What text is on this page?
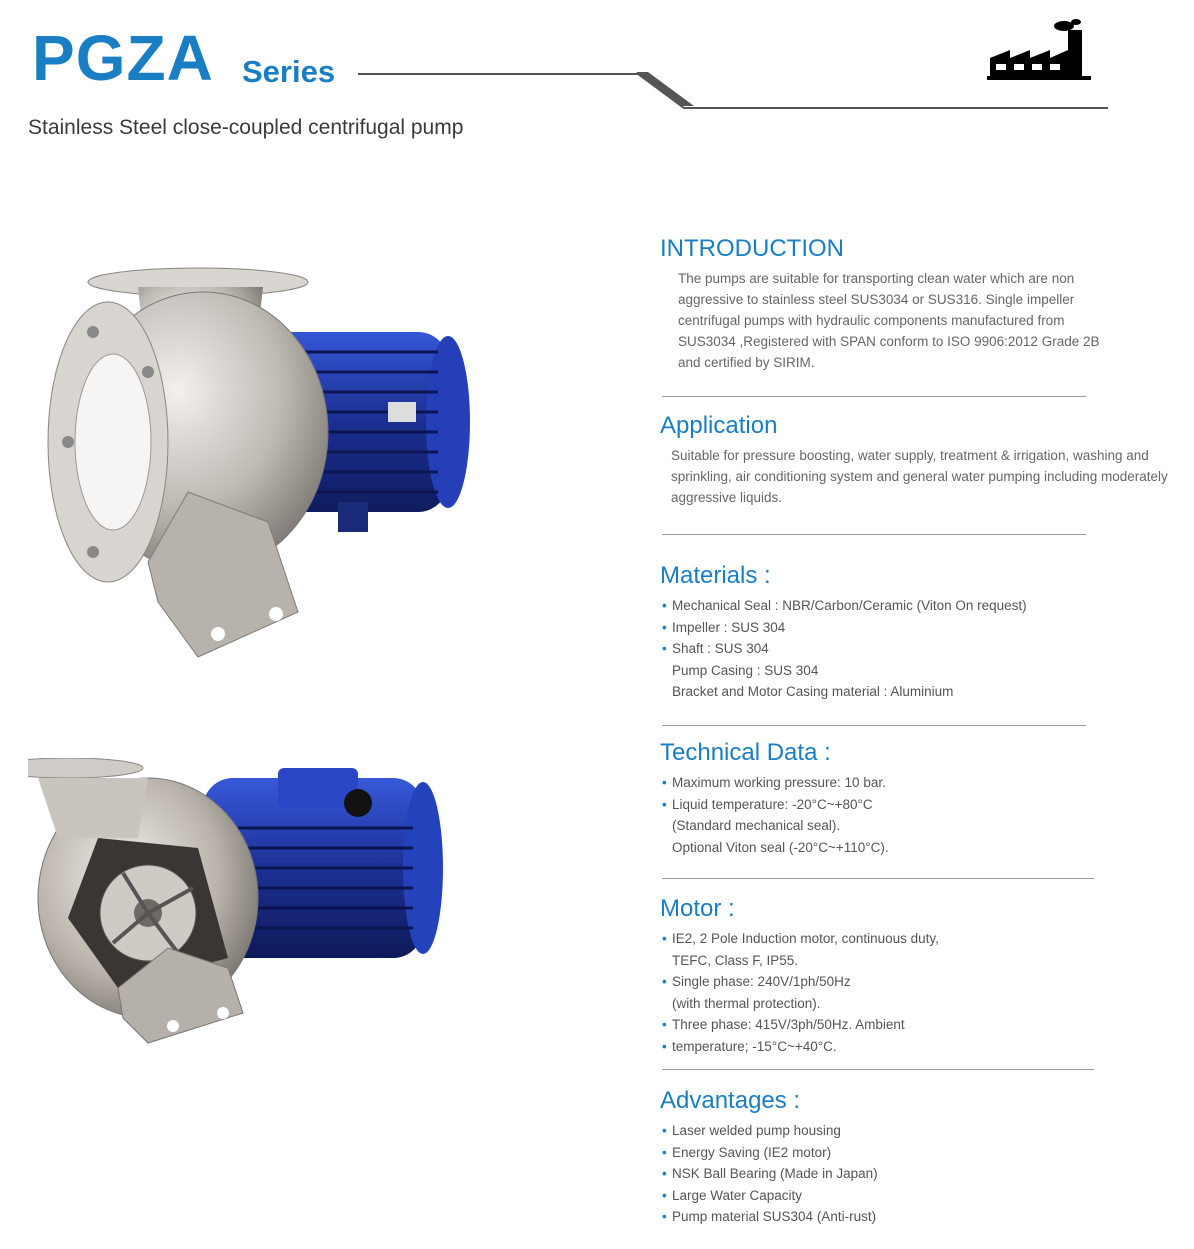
PGZA Series
Stainless Steel close-coupled centrifugal pump
INTRODUCTION

The pumps are suitable for transporting clean water which are non aggressive to stainless steel SUS3034 or SUS316. Single impeller centrifugal pumps with hydraulic components manufactured from SUS3034 ,Registered with SPAN conform to ISO 9906:2012 Grade 2B and certified by SIRIM.

Application

Suitable for pressure boosting, water supply, treatment & irrigation, washing and sprinkling, air conditioning system and general water pumping including moderately aggressive liquids.

Materials :
• Mechanical Seal : NBR/Carbon/Ceramic (Viton On request)
• Impeller : SUS 304
• Shaft : SUS 304
Pump Casing : SUS 304
Bracket and Motor Casing material : Aluminium
Technical Data :
• Maximum working pressure: 10 bar.
• Liquid temperature: -20°C~+80°C
(Standard mechanical seal).
Optional Viton seal (-20°C~+110°C).
Motor :
• IE2, 2 Pole Induction motor, continuous duty,
TEFC, Class F, IP55.
• Single phase: 240V/1ph/50Hz
(with thermal protection).
• Three phase: 415V/3ph/50Hz. Ambient
• temperature; -15°C~+40°C.
Advantages :
• Laser welded pump housing
• Energy Saving (IE2 motor)
• NSK Ball Bearing (Made in Japan)
• Large Water Capacity
• Pump material SUS304 (Anti-rust)
